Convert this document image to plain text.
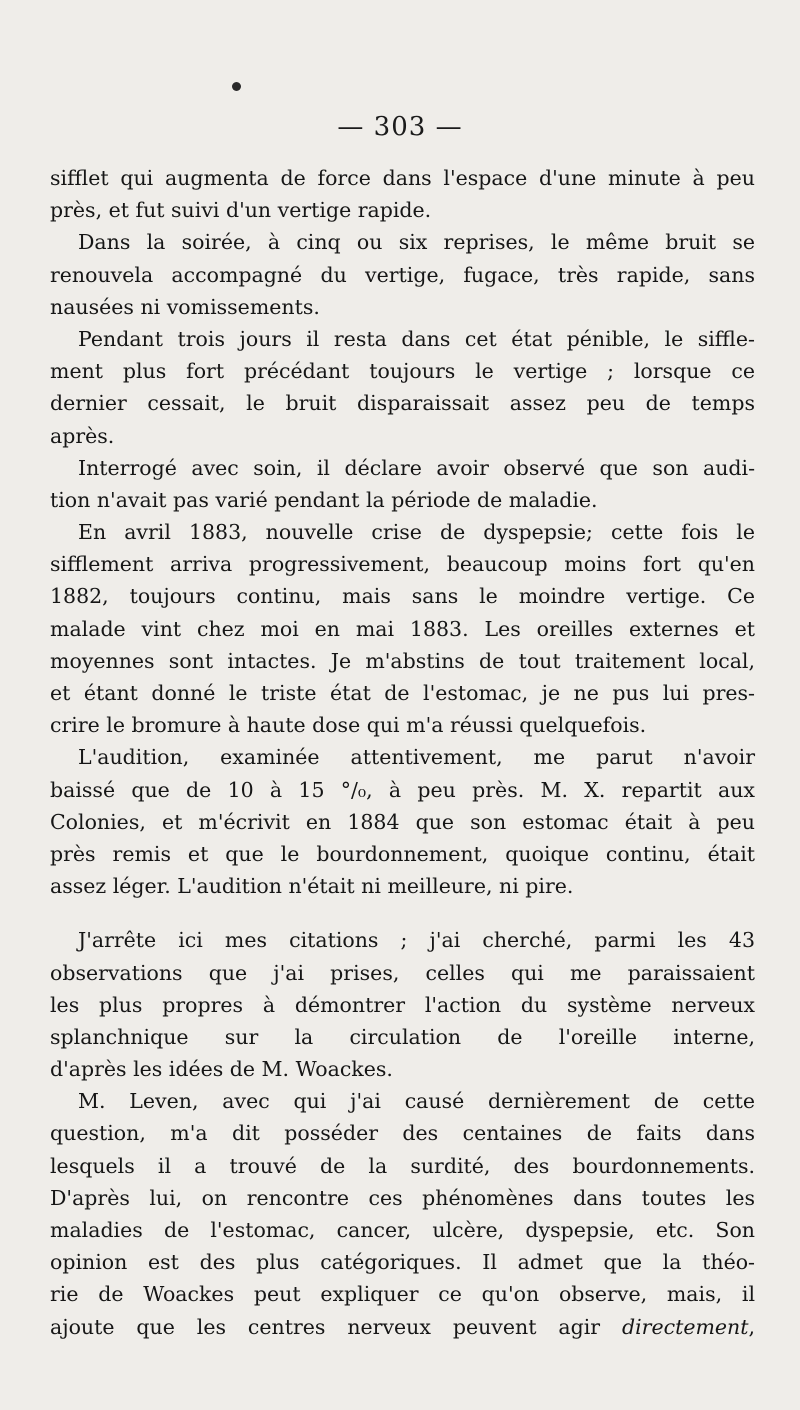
— 303 —
sifflet qui augmenta de force dans l'espace d'une minute à peu
près, et fut suivi d'un vertige rapide.
Dans la soirée, à cinq ou six reprises, le même bruit se
renouvela accompagné du vertige, fugace, très rapide, sans
nausées ni vomissements.
Pendant trois jours il resta dans cet état pénible, le siffle-
ment plus fort précédant toujours le vertige ; lorsque ce
dernier cessait, le bruit disparaissait assez peu de temps
après.
Interrogé avec soin, il déclare avoir observé que son audi-
tion n'avait pas varié pendant la période de maladie.
En avril 1883, nouvelle crise de dyspepsie; cette fois le
sifflement arriva progressivement, beaucoup moins fort qu'en
1882, toujours continu, mais sans le moindre vertige. Ce
malade vint chez moi en mai 1883. Les oreilles externes et
moyennes sont intactes. Je m'abstins de tout traitement local,
et étant donné le triste état de l'estomac, je ne pus lui pres-
crire le bromure à haute dose qui m'a réussi quelquefois.
L'audition, examinée attentivement, me parut n'avoir
baissé que de 10 à 15 °/₀, à peu près. M. X. repartit aux
Colonies, et m'écrivit en 1884 que son estomac était à peu
près remis et que le bourdonnement, quoique continu, était
assez léger. L'audition n'était ni meilleure, ni pire.
J'arrête ici mes citations ; j'ai cherché, parmi les 43
observations que j'ai prises, celles qui me paraissaient
les plus propres à démontrer l'action du système nerveux
splanchnique sur la circulation de l'oreille interne,
d'après les idées de M. Woackes.
M. Leven, avec qui j'ai causé dernièrement de cette
question, m'a dit posséder des centaines de faits dans
lesquels il a trouvé de la surdité, des bourdonnements.
D'après lui, on rencontre ces phénomènes dans toutes les
maladies de l'estomac, cancer, ulcère, dyspepsie, etc. Son
opinion est des plus catégoriques. Il admet que la théo-
rie de Woackes peut expliquer ce qu'on observe, mais, il
ajoute que les centres nerveux peuvent agir directement,
